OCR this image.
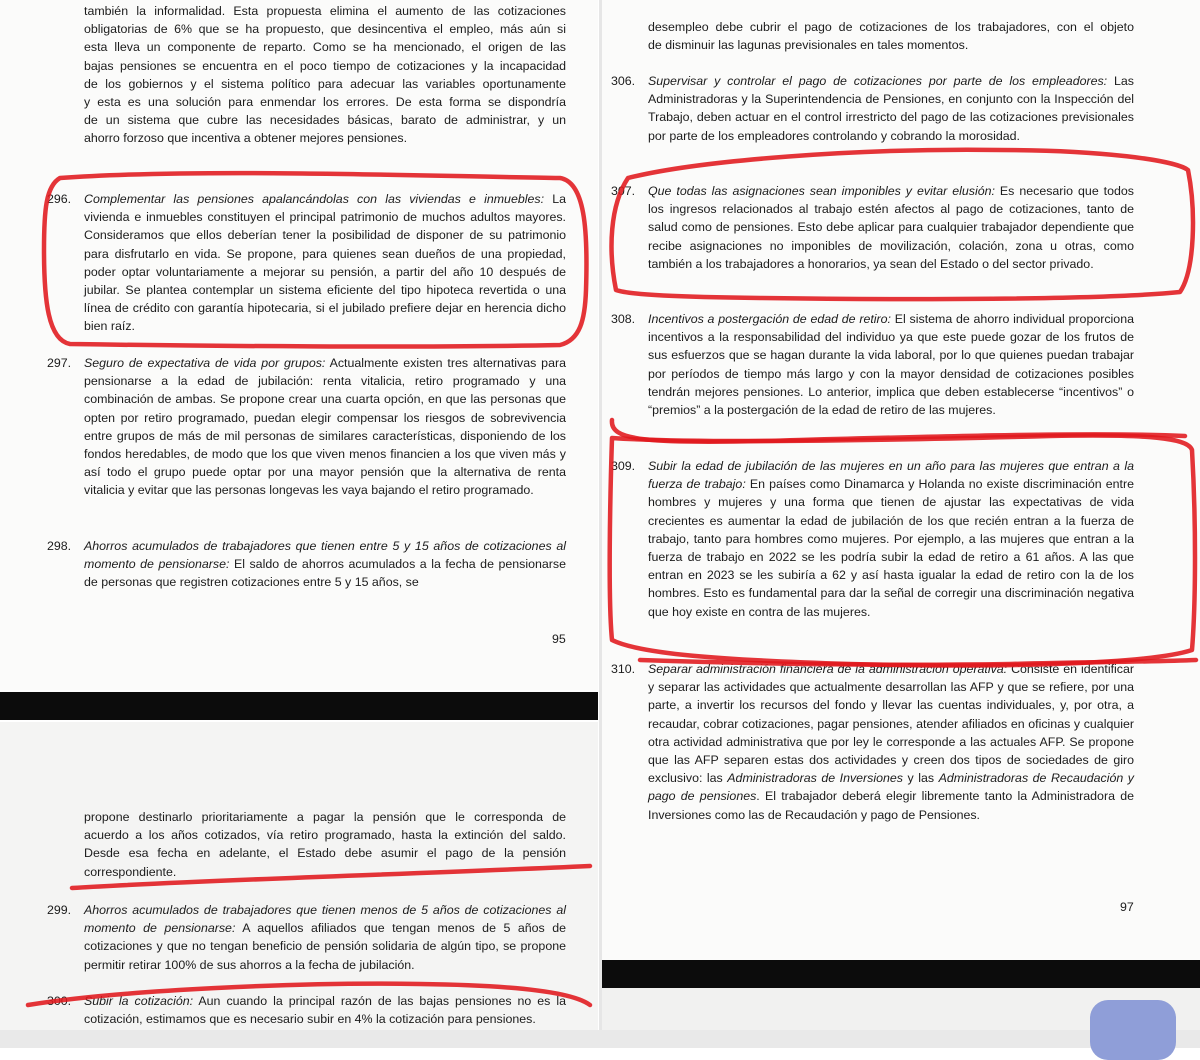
también la informalidad. Esta propuesta elimina el aumento de las cotizaciones
obligatorias de 6% que se ha propuesto, que desincentiva el empleo, más aún si
esta lleva un componente de reparto. Como se ha mencionado, el origen de las
bajas pensiones se encuentra en el poco tiempo de cotizaciones y la incapacidad
de los gobiernos y el sistema político para adecuar las variables oportunamente
y esta es una solución para enmendar los errores. De esta forma se dispondría
de un sistema que cubre las necesidades básicas, barato de administrar, y un
ahorro forzoso que incentiva a obtener mejores pensiones.
296. Complementar las pensiones apalancándolas con las viviendas e inmuebles: La vivienda e inmuebles constituyen el principal patrimonio de muchos adultos mayores. Consideramos que ellos deberían tener la posibilidad de disponer de su patrimonio para disfrutarlo en vida. Se propone, para quienes sean dueños de una propiedad, poder optar voluntariamente a mejorar su pensión, a partir del año 10 después de jubilar. Se plantea contemplar un sistema eficiente del tipo hipoteca revertida o una línea de crédito con garantía hipotecaria, si el jubilado prefiere dejar en herencia dicho bien raíz.
297. Seguro de expectativa de vida por grupos: Actualmente existen tres alternativas para pensionarse a la edad de jubilación: renta vitalicia, retiro programado y una combinación de ambas. Se propone crear una cuarta opción, en que las personas que opten por retiro programado, puedan elegir compensar los riesgos de sobrevivencia entre grupos de más de mil personas de similares características, disponiendo de los fondos heredables, de modo que los que viven menos financien a los que viven más y así todo el grupo puede optar por una mayor pensión que la alternativa de renta vitalicia y evitar que las personas longevas les vaya bajando el retiro programado.
298. Ahorros acumulados de trabajadores que tienen entre 5 y 15 años de cotizaciones al momento de pensionarse: El saldo de ahorros acumulados a la fecha de pensionarse de personas que registren cotizaciones entre 5 y 15 años, se
95
propone destinarlo prioritariamente a pagar la pensión que le corresponda de
acuerdo a los años cotizados, vía retiro programado, hasta la extinción del saldo.
Desde esa fecha en adelante, el Estado debe asumir el pago de la pensión
correspondiente.
299. Ahorros acumulados de trabajadores que tienen menos de 5 años de cotizaciones al momento de pensionarse: A aquellos afiliados que tengan menos de 5 años de cotizaciones y que no tengan beneficio de pensión solidaria de algún tipo, se propone permitir retirar 100% de sus ahorros a la fecha de jubilación.
300. Subir la cotización: Aun cuando la principal razón de las bajas pensiones no es la cotización, estimamos que es necesario subir en 4% la cotización para pensiones.
desempleo debe cubrir el pago de cotizaciones de los trabajadores, con el objeto
de disminuir las lagunas previsionales en tales momentos.
306. Supervisar y controlar el pago de cotizaciones por parte de los empleadores: Las Administradoras y la Superintendencia de Pensiones, en conjunto con la Inspección del Trabajo, deben actuar en el control irrestricto del pago de las cotizaciones previsionales por parte de los empleadores controlando y cobrando la morosidad.
307. Que todas las asignaciones sean imponibles y evitar elusión: Es necesario que todos los ingresos relacionados al trabajo estén afectos al pago de cotizaciones, tanto de salud como de pensiones. Esto debe aplicar para cualquier trabajador dependiente que recibe asignaciones no imponibles de movilización, colación, zona u otras, como también a los trabajadores a honorarios, ya sean del Estado o del sector privado.
308. Incentivos a postergación de edad de retiro: El sistema de ahorro individual proporciona incentivos a la responsabilidad del individuo ya que este puede gozar de los frutos de sus esfuerzos que se hagan durante la vida laboral, por lo que quienes puedan trabajar por períodos de tiempo más largo y con la mayor densidad de cotizaciones posibles tendrán mejores pensiones. Lo anterior, implica que deben establecerse “incentivos” o “premios” a la postergación de la edad de retiro de las mujeres.
309. Subir la edad de jubilación de las mujeres en un año para las mujeres que entran a la fuerza de trabajo: En países como Dinamarca y Holanda no existe discriminación entre hombres y mujeres y una forma que tienen de ajustar las expectativas de vida crecientes es aumentar la edad de jubilación de los que recién entran a la fuerza de trabajo, tanto para hombres como mujeres. Por ejemplo, a las mujeres que entran a la fuerza de trabajo en 2022 se les podría subir la edad de retiro a 61 años. A las que entran en 2023 se les subiría a 62 y así hasta igualar la edad de retiro con la de los hombres. Esto es fundamental para dar la señal de corregir una discriminación negativa que hoy existe en contra de las mujeres.
310. Separar administración financiera de la administración operativa: Consiste en identificar y separar las actividades que actualmente desarrollan las AFP y que se refiere, por una parte, a invertir los recursos del fondo y llevar las cuentas individuales, y, por otra, a recaudar, cobrar cotizaciones, pagar pensiones, atender afiliados en oficinas y cualquier otra actividad administrativa que por ley le corresponde a las actuales AFP. Se propone que las AFP separen estas dos actividades y creen dos tipos de sociedades de giro exclusivo: las Administradoras de Inversiones y las Administradoras de Recaudación y pago de pensiones. El trabajador deberá elegir libremente tanto la Administradora de Inversiones como las de Recaudación y pago de Pensiones.
97
